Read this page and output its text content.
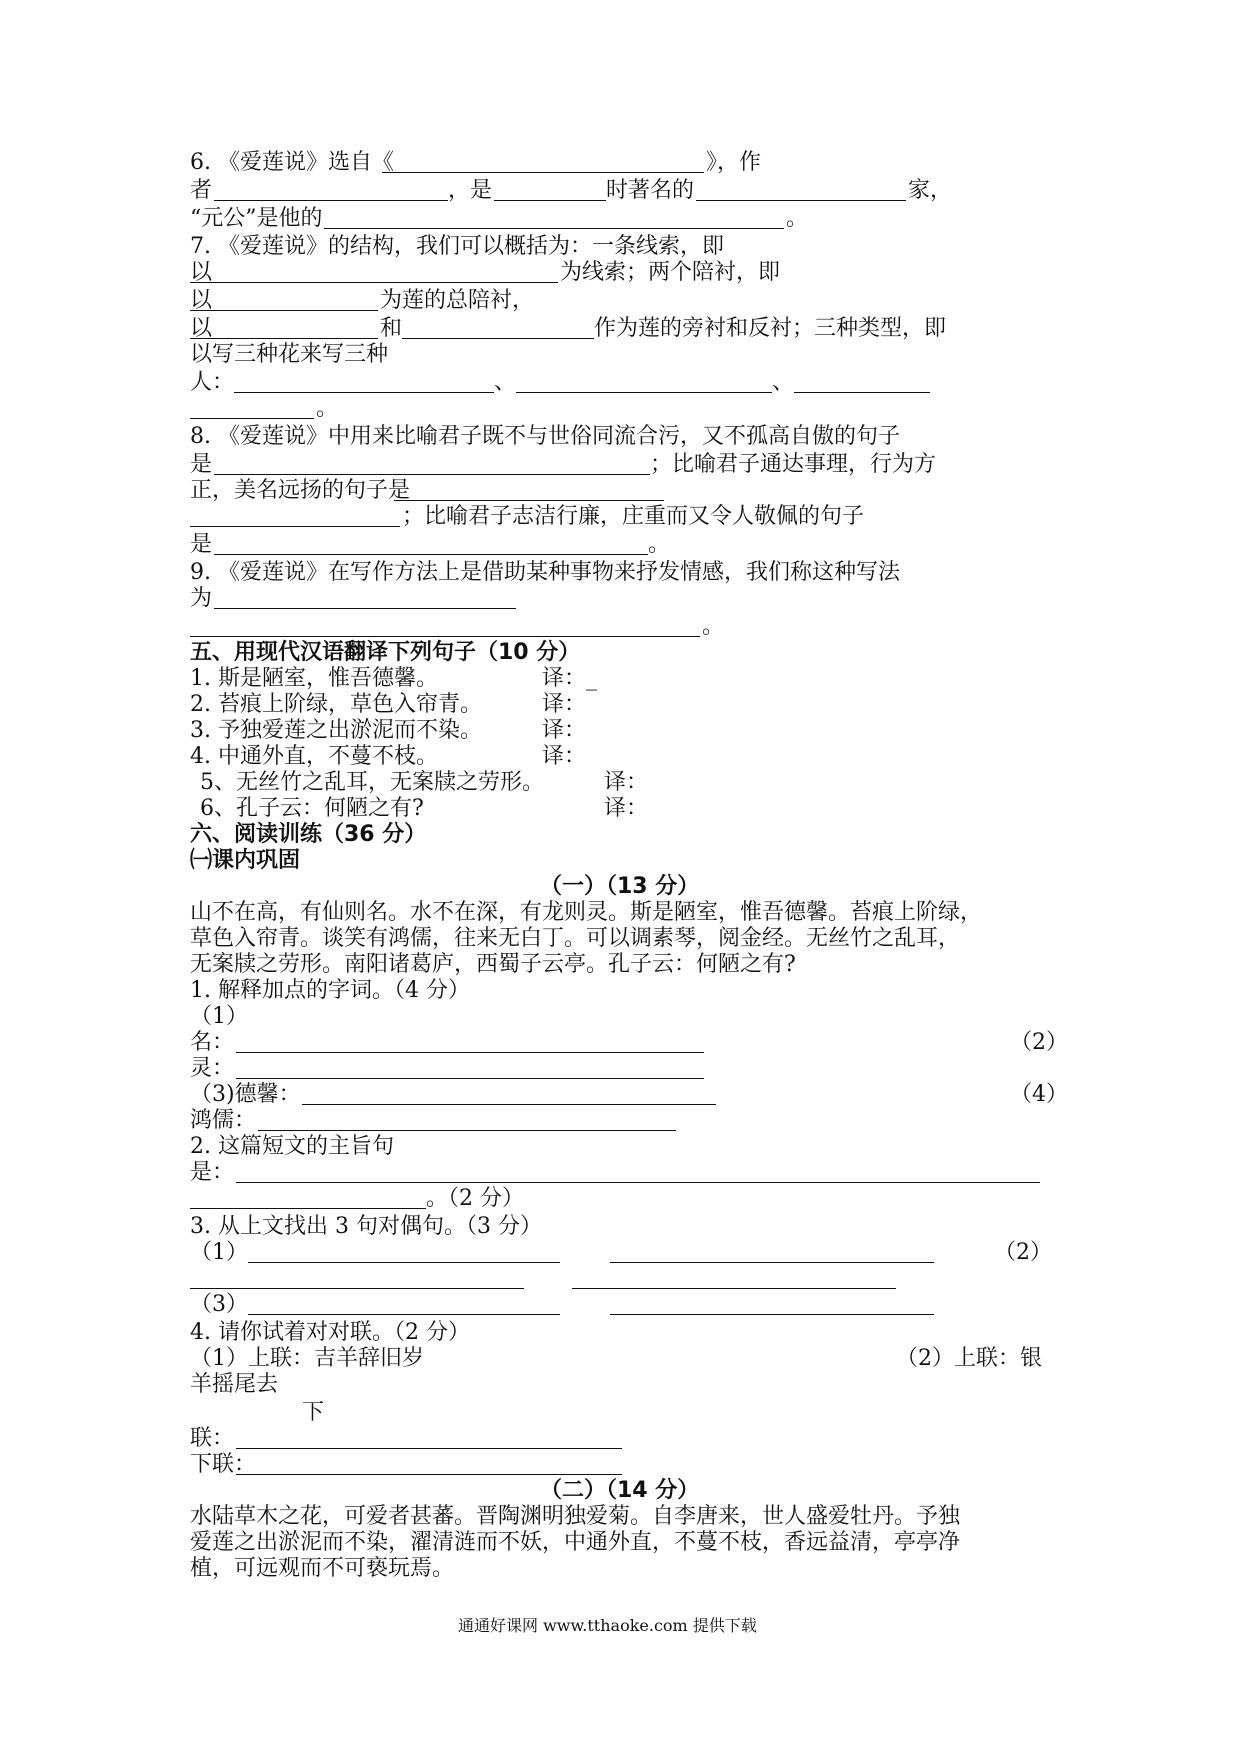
6. 《爱莲说》选自《	》，作
者	，是	时著名的	家，
“元公”是他的	。
7. 《爱莲说》的结构，我们可以概括为：一条线索，即
以	为线索；两个陪衬，即
以	为莲的总陪衬，
以	和	作为莲的旁衬和反衬；三种类型，即
以写三种花来写三种
人：	、	、
。
8. 《爱莲说》中用来比喻君子既不与世俗同流合污，又不孤高自傲的句子
是	；比喻君子通达事理，行为方
正，美名远扬的句子是
；比喻君子志洁行廉，庄重而又令人敬佩的句子
是	。
9. 《爱莲说》在写作方法上是借助某种事物来抒发情感，我们称这种写法
为
。
五、用现代汉语翻译下列句子（10 分）
1. 斯是陋室，惟吾德馨。	译：_
2. 苔痕上阶绿，草色入帘青。	译：
3. 予独爱莲之出淤泥而不染。	译：
4. 中通外直，不蔓不枝。	译：
5、无丝竹之乱耳，无案牍之劳形。	译：
6、孔子云：何陋之有?	译：
六、阅读训练（36 分）
㈠课内巩固
（一）（13 分）
山不在高，有仙则名。水不在深，有龙则灵。斯是陋室，惟吾德馨。苔痕上阶绿，
草色入帘青。谈笑有鸿儒，往来无白丁。可以调素琴，阅金经。无丝竹之乱耳，
无案牍之劳形。南阳诸葛庐，西蜀子云亭。孔子云：何陋之有?
1. 解释加点的字词。（4 分）
（1）
名：	（2）
灵：
（3)德馨：	（4）
鸿儒：
2. 这篇短文的主旨句
是：
。（2 分）
3. 从上文找出 3 句对偶句。（3 分）
（1）	（2）
（3）
4. 请你试着对对联。（2 分）
（1）上联：吉羊辞旧岁	（2）上联：银
羊摇尾去
下
联：
下联：
（二）（14 分）
水陆草木之花，可爱者甚蕃。晋陶渊明独爱菊。自李唐来，世人盛爱牡丹。予独
爱莲之出淤泥而不染，濯清涟而不妖，中通外直，不蔓不枝，香远益清，亭亭净
植，可远观而不可亵玩焉。
通通好课网 www.tthaoke.com 提供下载
